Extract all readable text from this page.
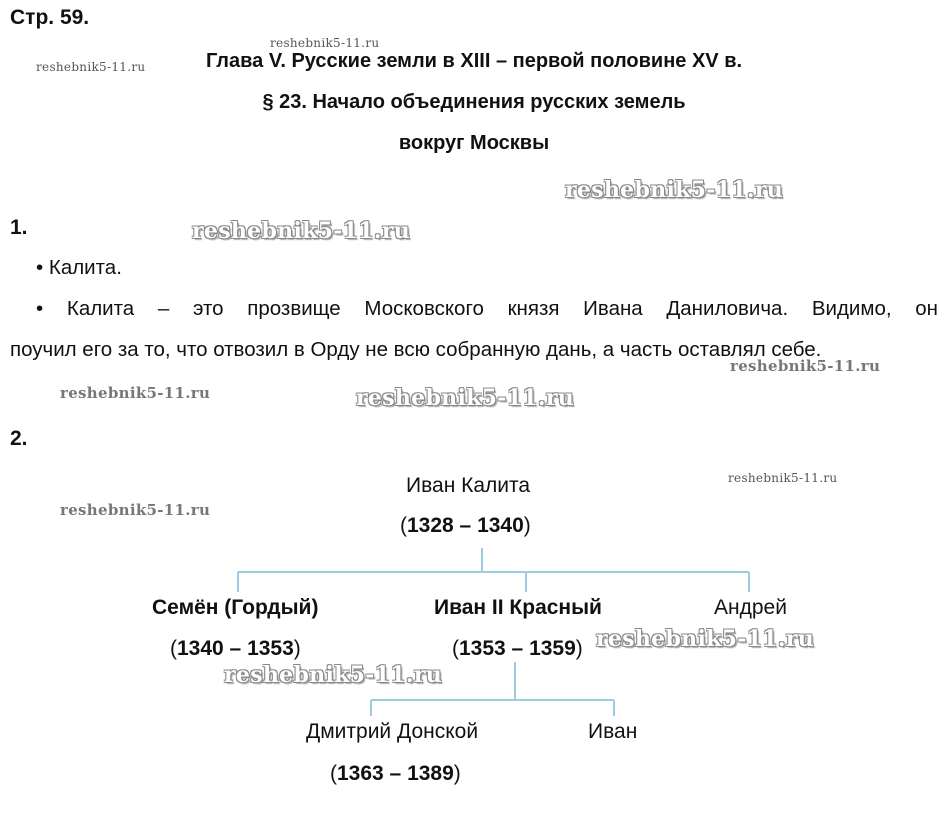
Стр. 59.
Глава V. Русские земли в XIII – первой половине XV в.
§ 23. Начало объединения русских земель
вокруг Москвы
1.
• Калита.
• Калита – это прозвище Московского князя Ивана Даниловича. Видимо, он
поучил его за то, что отвозил в Орду не всю собранную дань, а часть оставлял себе.
2.
Иван Калита
(1328 – 1340)
Семён (Гордый)
(1340 – 1353)
Иван II Красный
(1353 – 1359)
Андрей
Дмитрий Донской
(1363 – 1389)
Иван
reshebnik5-11.ru
reshebnik5-11.ru
reshebnik5-11.ru
reshebnik5-11.ru
reshebnik5-11.ru
reshebnik5-11.ru	reshebnik5-11.ru
reshebnik5-11.ru
reshebnik5-11.ru
reshebnik5-11.ru
reshebnik5-11.ru
